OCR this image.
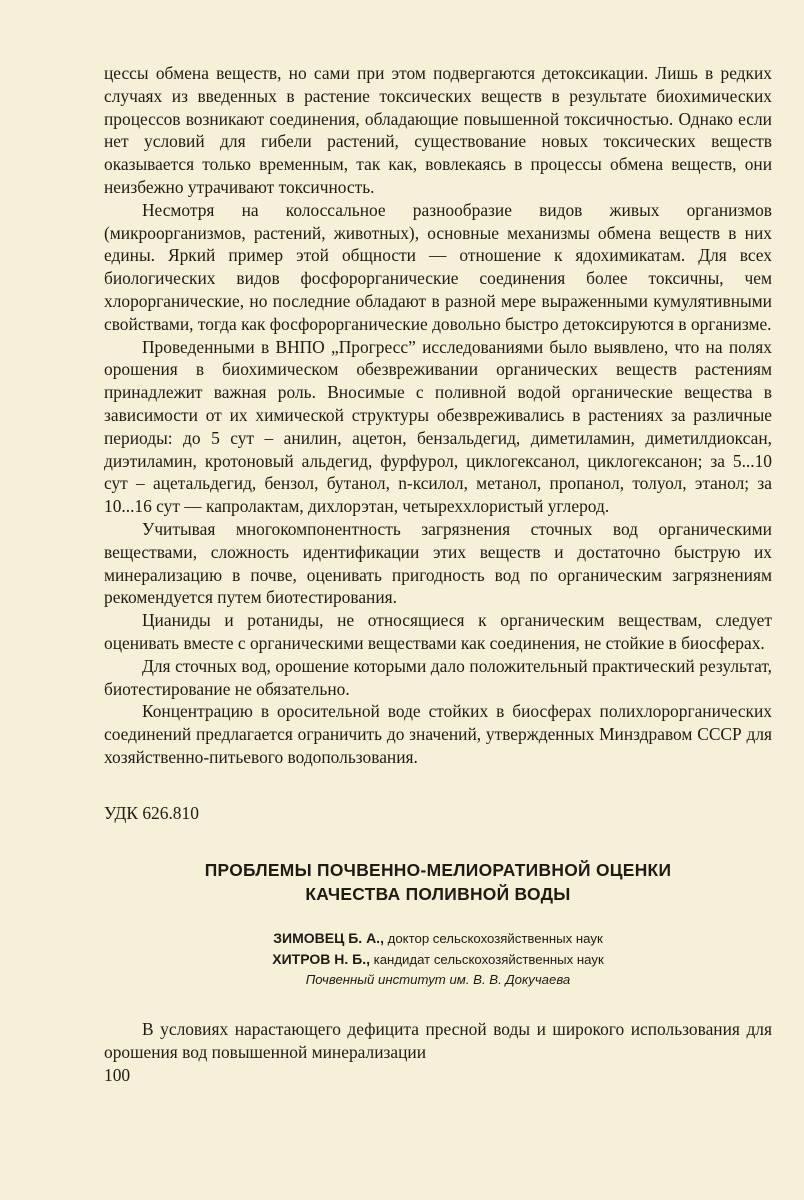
цессы обмена веществ, но сами при этом подвергаются детоксикации. Лишь в редких случаях из введенных в растение токсических веществ в результате биохимических процессов возникают соединения, обладающие повышенной токсичностью. Однако если нет условий для гибели растений, существование новых токсических веществ оказывается только временным, так как, вовлекаясь в процессы обмена веществ, они неизбежно утрачивают токсичность.

Несмотря на колоссальное разнообразие видов живых организмов (микроорганизмов, растений, животных), основные механизмы обмена веществ в них едины. Яркий пример этой общности — отношение к ядохимикатам. Для всех биологических видов фосфорорганические соединения более токсичны, чем хлорорганические, но последние обладают в разной мере выраженными кумулятивными свойствами, тогда как фосфорорганические довольно быстро детоксируются в организме.

Проведенными в ВНПО „Прогресс” исследованиями было выявлено, что на полях орошения в биохимическом обезвреживании органических веществ растениям принадлежит важная роль. Вносимые с поливной водой органические вещества в зависимости от их химической структуры обезвреживались в растениях за различные периоды: до 5 сут – анилин, ацетон, бензальдегид, диметиламин, диметилдиоксан, диэтиламин, кротоновый альдегид, фурфурол, циклогексанол, циклогексанон; за 5...10 сут – ацетальдегид, бензол, бутанол, n-ксилол, метанол, пропанол, толуол, этанол; за 10...16 сут — капролактам, дихлорэтан, четыреххлористый углерод.

Учитывая многокомпонентность загрязнения сточных вод органическими веществами, сложность идентификации этих веществ и достаточно быструю их минерализацию в почве, оценивать пригодность вод по органическим загрязнениям рекомендуется путем биотестирования.

Цианиды и ротаниды, не относящиеся к органическим веществам, следует оценивать вместе с органическими веществами как соединения, не стойкие в биосферах.

Для сточных вод, орошение которыми дало положительный практический результат, биотестирование не обязательно.

Концентрацию в оросительной воде стойких в биосферах полихлорорганических соединений предлагается ограничить до значений, утвержденных Минздравом СССР для хозяйственно-питьевого водопользования.

УДК 626.810
ПРОБЛЕМЫ ПОЧВЕННО-МЕЛИОРАТИВНОЙ ОЦЕНКИ
КАЧЕСТВА ПОЛИВНОЙ ВОДЫ
ЗИМОВЕЦ Б. А., доктор сельскохозяйственных наук
ХИТРОВ Н. Б., кандидат сельскохозяйственных наук
Почвенный институт им. В. В. Докучаева

В условиях нарастающего дефицита пресной воды и широкого использования для орошения вод повышенной минерализации

100
